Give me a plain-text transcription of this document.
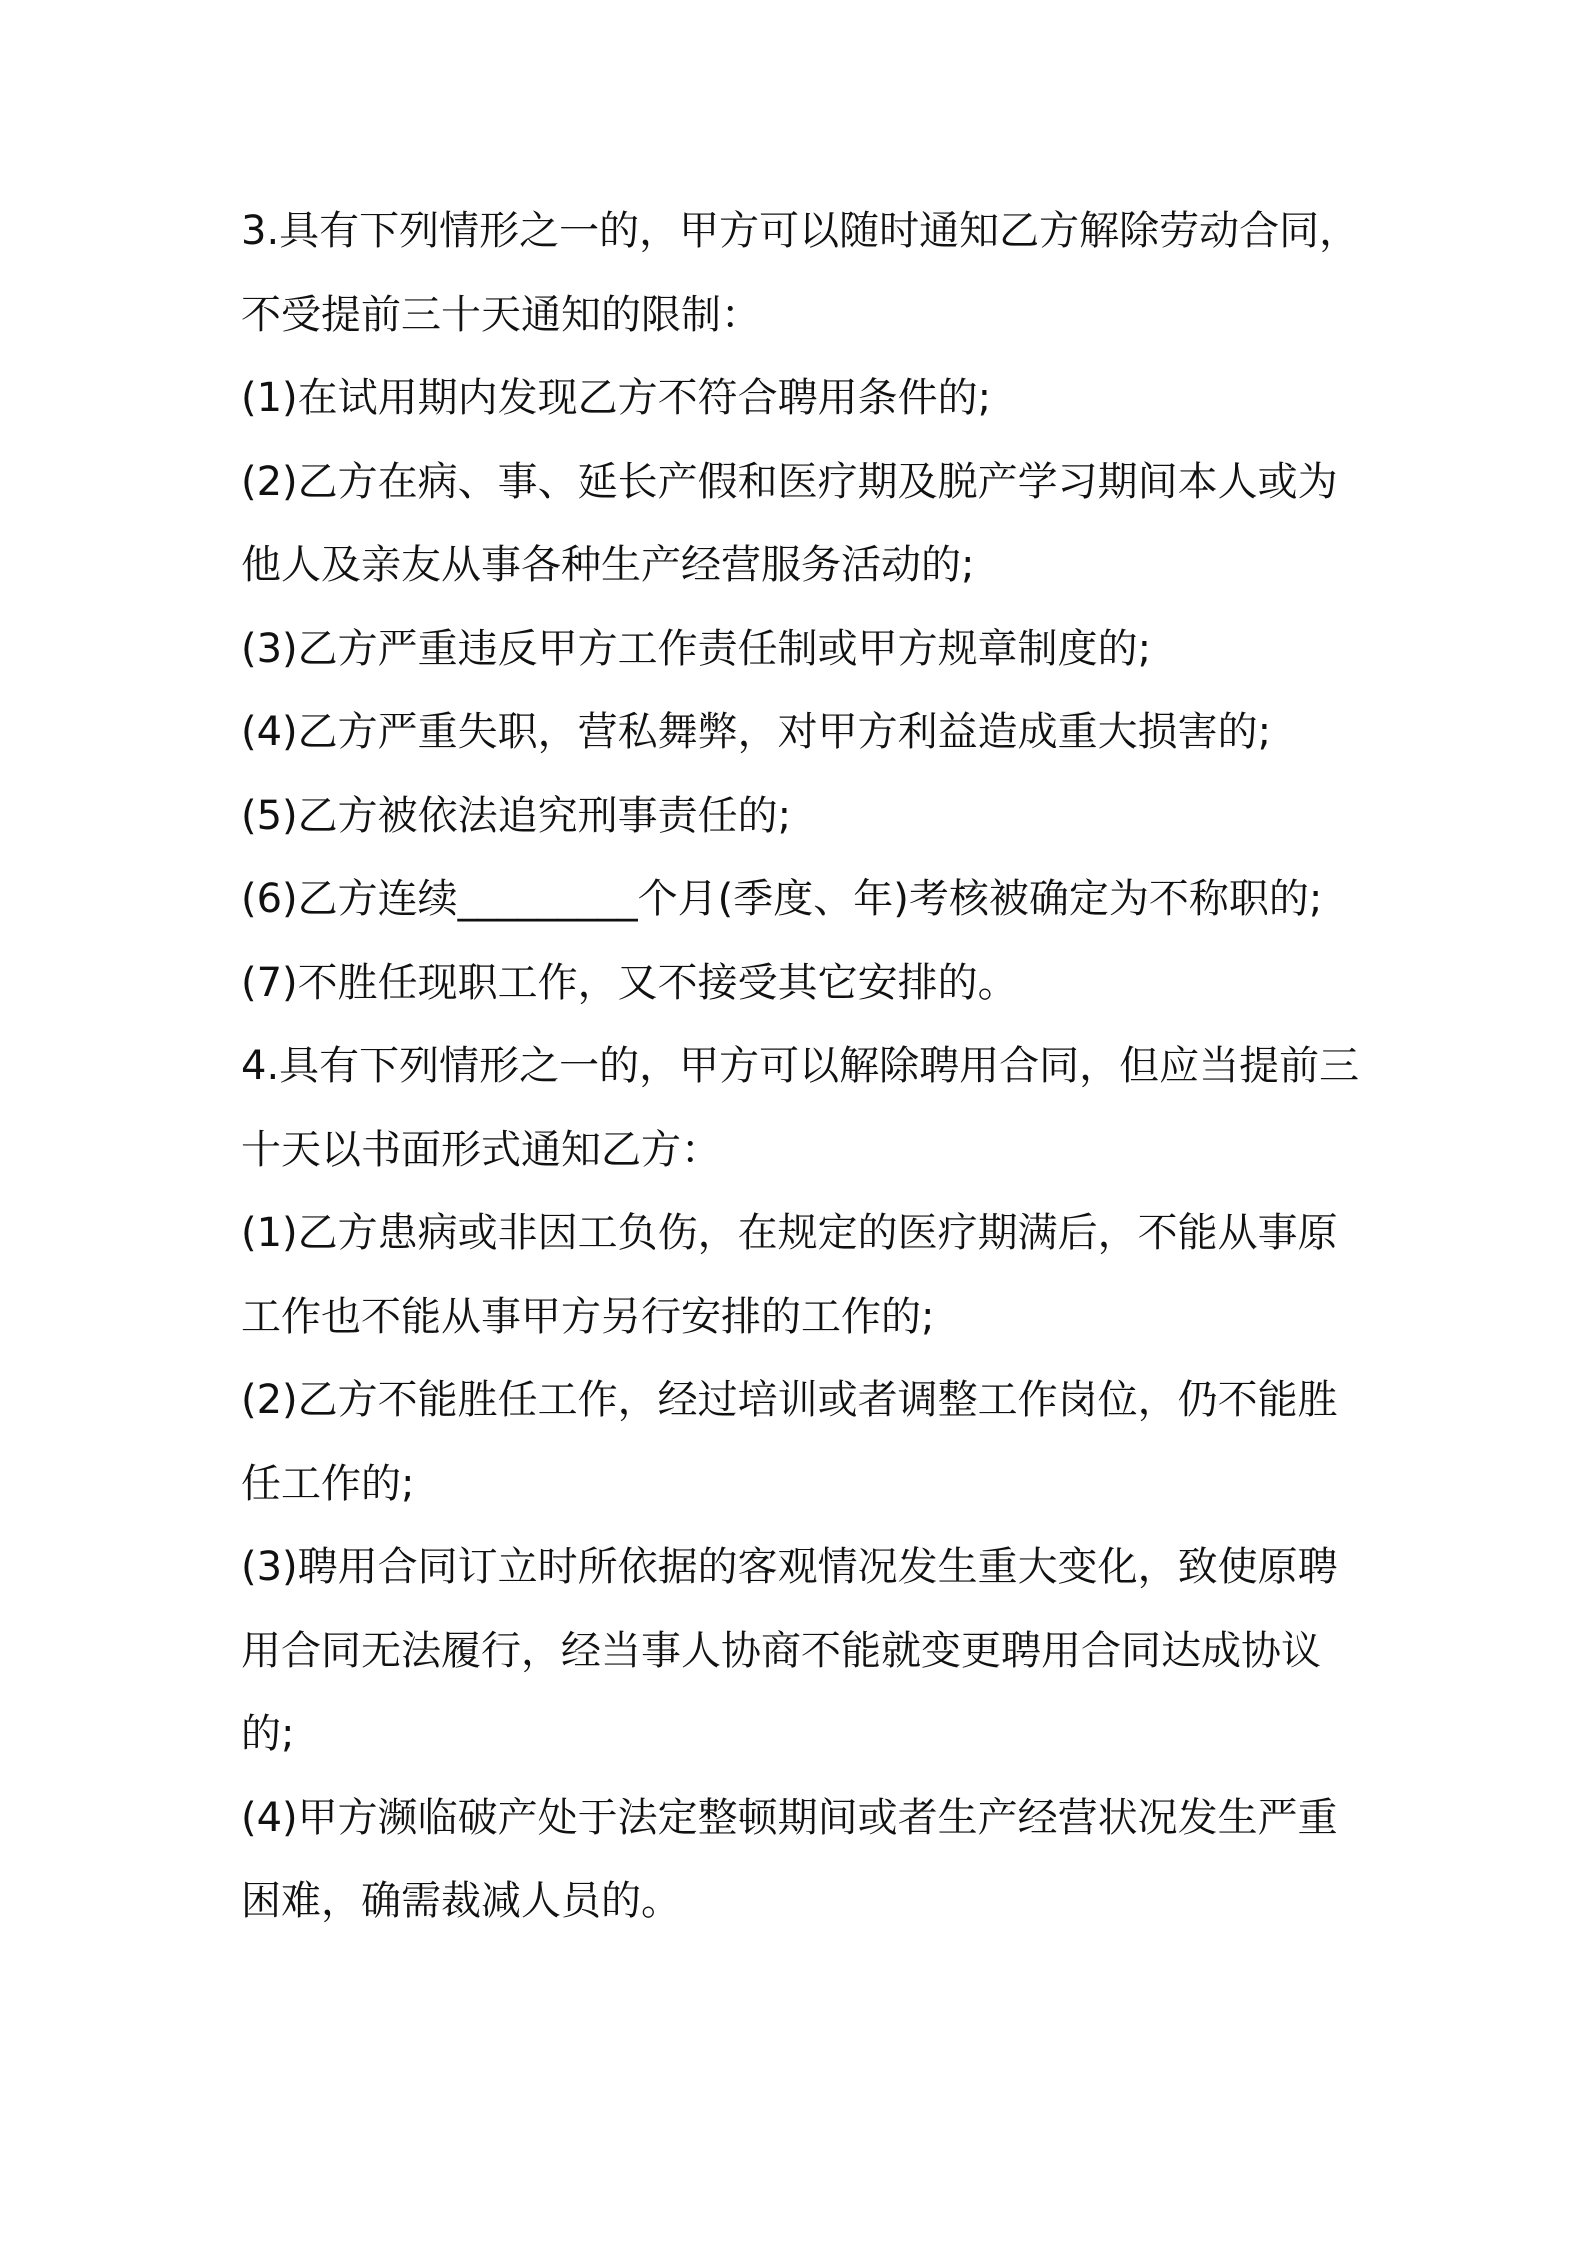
3.具有下列情形之一的，甲方可以随时通知乙方解除劳动合同，不受提前三十天通知的限制：

(1)在试用期内发现乙方不符合聘用条件的;

(2)乙方在病、事、延长产假和医疗期及脱产学习期间本人或为他人及亲友从事各种生产经营服务活动的;

(3)乙方严重违反甲方工作责任制或甲方规章制度的;

(4)乙方严重失职，营私舞弊，对甲方利益造成重大损害的;

(5)乙方被依法追究刑事责任的;

(6)乙方连续_________个月(季度、年)考核被确定为不称职的;

(7)不胜任现职工作，又不接受其它安排的。

4.具有下列情形之一的，甲方可以解除聘用合同，但应当提前三十天以书面形式通知乙方：

(1)乙方患病或非因工负伤，在规定的医疗期满后，不能从事原工作也不能从事甲方另行安排的工作的;

(2)乙方不能胜任工作，经过培训或者调整工作岗位，仍不能胜任工作的;

(3)聘用合同订立时所依据的客观情况发生重大变化，致使原聘用合同无法履行，经当事人协商不能就变更聘用合同达成协议的;

(4)甲方濒临破产处于法定整顿期间或者生产经营状况发生严重困难，确需裁减人员的。
